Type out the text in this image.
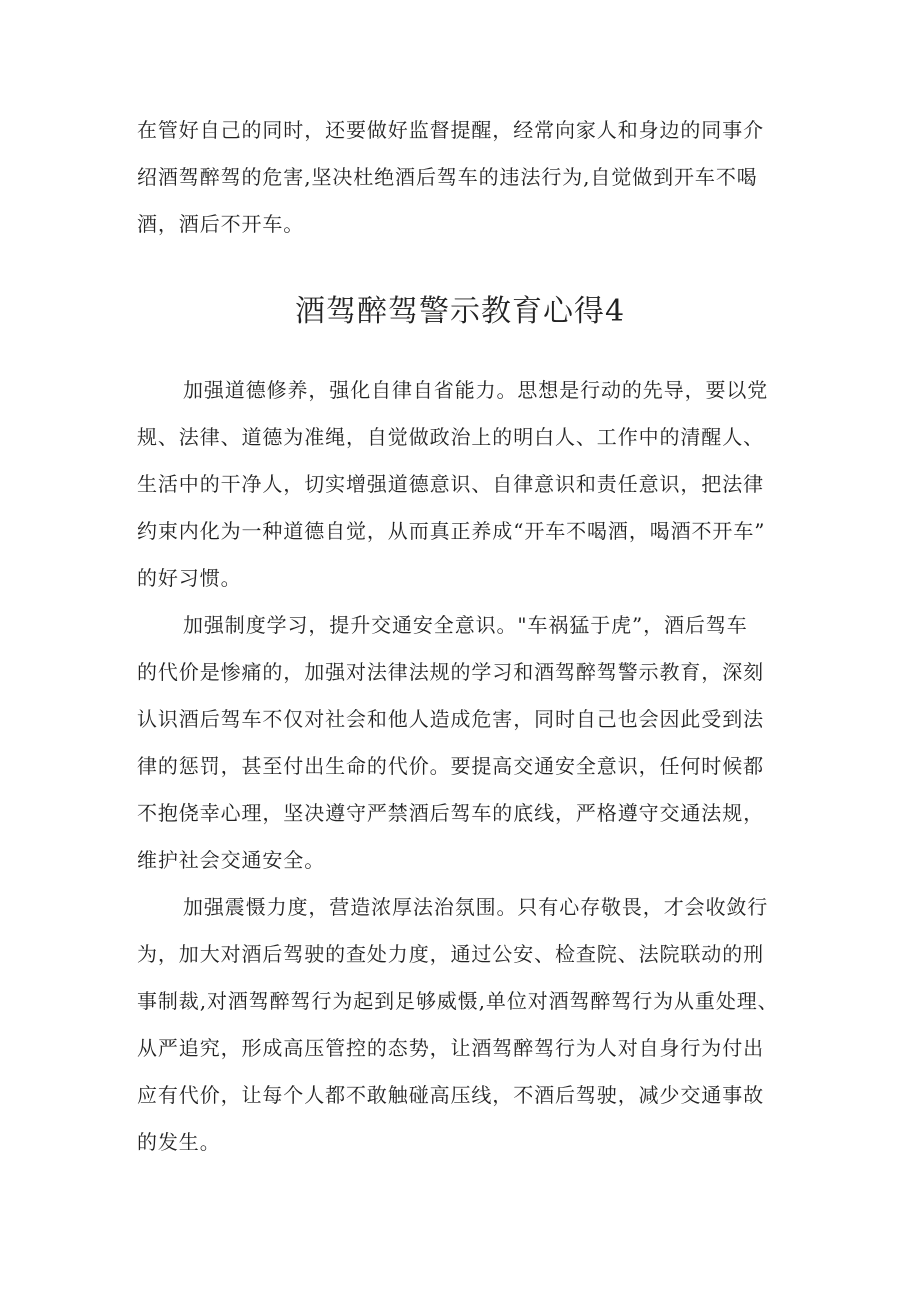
在管好自己的同时，还要做好监督提醒，经常向家人和身边的同事介
绍酒驾醉驾的危害,坚决杜绝酒后驾车的违法行为,自觉做到开车不喝
酒，酒后不开车。
酒驾醉驾警示教育心得4
加强道德修养，强化自律自省能力。思想是行动的先导，要以党
规、法律、道德为准绳，自觉做政治上的明白人、工作中的清醒人、
生活中的干净人，切实增强道德意识、自律意识和责任意识，把法律
约束内化为一种道德自觉，从而真正养成“开车不喝酒，喝酒不开车”
的好习惯。
加强制度学习，提升交通安全意识。"车祸猛于虎”，酒后驾车
的代价是惨痛的，加强对法律法规的学习和酒驾醉驾警示教育，深刻
认识酒后驾车不仅对社会和他人造成危害，同时自己也会因此受到法
律的惩罚，甚至付出生命的代价。要提高交通安全意识，任何时候都
不抱侥幸心理，坚决遵守严禁酒后驾车的底线，严格遵守交通法规，
维护社会交通安全。
加强震慑力度，营造浓厚法治氛围。只有心存敬畏，才会收敛行
为，加大对酒后驾驶的查处力度，通过公安、检查院、法院联动的刑
事制裁,对酒驾醉驾行为起到足够威慑,单位对酒驾醉驾行为从重处理、
从严追究，形成高压管控的态势，让酒驾醉驾行为人对自身行为付出
应有代价，让每个人都不敢触碰高压线，不酒后驾驶，减少交通事故
的发生。
